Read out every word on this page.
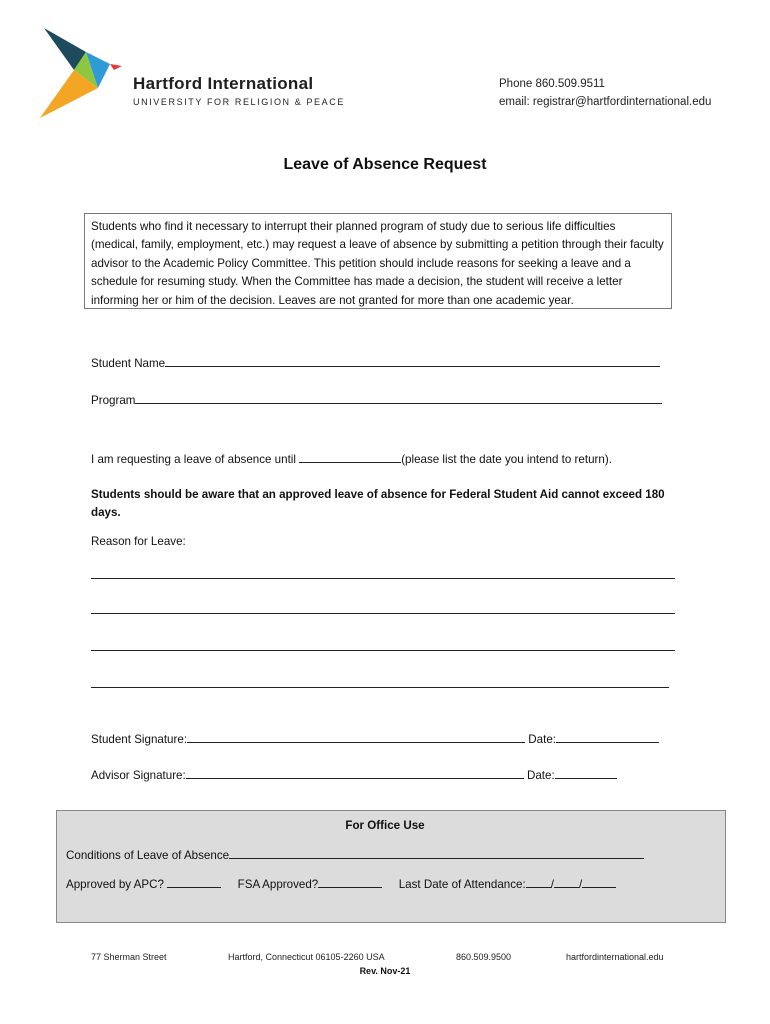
Hartford International
UNIVERSITY FOR RELIGION & PEACE
Phone 860.509.9511
email: registrar@hartfordinternational.edu
Leave of Absence Request
Students who find it necessary to interrupt their planned program of study due to serious life difficulties (medical, family, employment, etc.) may request a leave of absence by submitting a petition through their faculty advisor to the Academic Policy Committee. This petition should include reasons for seeking a leave and a schedule for resuming study. When the Committee has made a decision, the student will receive a letter informing her or him of the decision. Leaves are not granted for more than one academic year.
Student Name
Program
I am requesting a leave of absence until	(please list the date you intend to return).
Students should be aware that an approved leave of absence for Federal Student Aid cannot exceed 180 days.
Reason for Leave:
Student Signature:	Date:
Advisor Signature:	Date:
For Office Use
Conditions of Leave of Absence
Approved by APC?	FSA Approved?	Last Date of Attendance: / /
77 Sherman Street	Hartford, Connecticut 06105-2260 USA	860.509.9500	hartfordinternational.edu
Rev. Nov-21
